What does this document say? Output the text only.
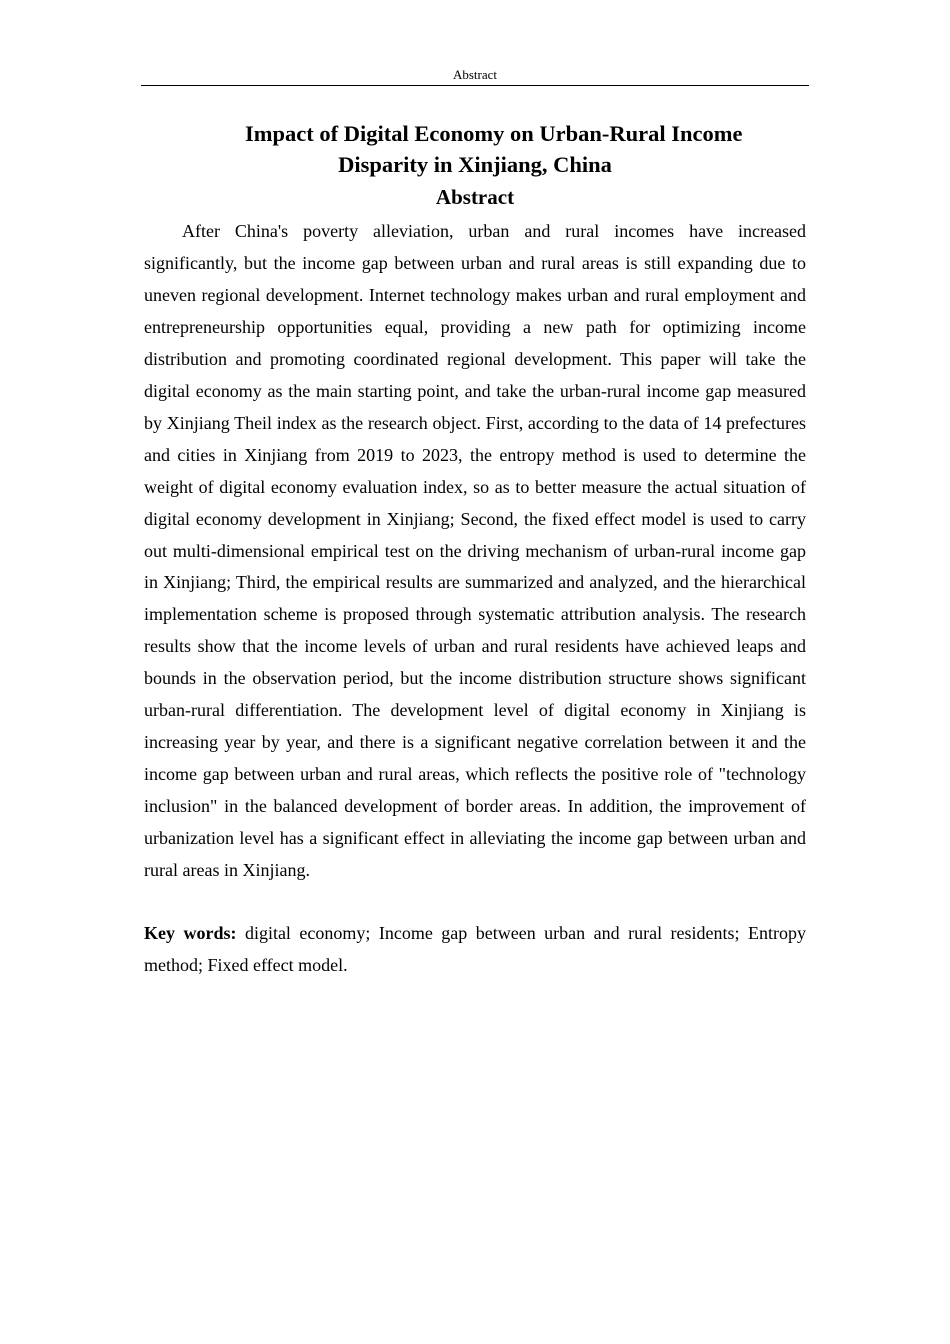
Abstract
Impact of Digital Economy on Urban-Rural Income
Disparity in Xinjiang, China
Abstract

After China's poverty alleviation, urban and rural incomes have increased significantly, but the income gap between urban and rural areas is still expanding due to uneven regional development. Internet technology makes urban and rural employment and entrepreneurship opportunities equal, providing a new path for optimizing income distribution and promoting coordinated regional development. This paper will take the digital economy as the main starting point, and take the urban-rural income gap measured by Xinjiang Theil index as the research object. First, according to the data of 14 prefectures and cities in Xinjiang from 2019 to 2023, the entropy method is used to determine the weight of digital economy evaluation index, so as to better measure the actual situation of digital economy development in Xinjiang; Second, the fixed effect model is used to carry out multi-dimensional empirical test on the driving mechanism of urban-rural income gap in Xinjiang; Third, the empirical results are summarized and analyzed, and the hierarchical implementation scheme is proposed through systematic attribution analysis. The research results show that the income levels of urban and rural residents have achieved leaps and bounds in the observation period, but the income distribution structure shows significant urban-rural differentiation. The development level of digital economy in Xinjiang is increasing year by year, and there is a significant negative correlation between it and the income gap between urban and rural areas, which reflects the positive role of "technology inclusion" in the balanced development of border areas. In addition, the improvement of urbanization level has a significant effect in alleviating the income gap between urban and rural areas in Xinjiang.

Key words: digital economy; Income gap between urban and rural residents; Entropy method; Fixed effect model.
